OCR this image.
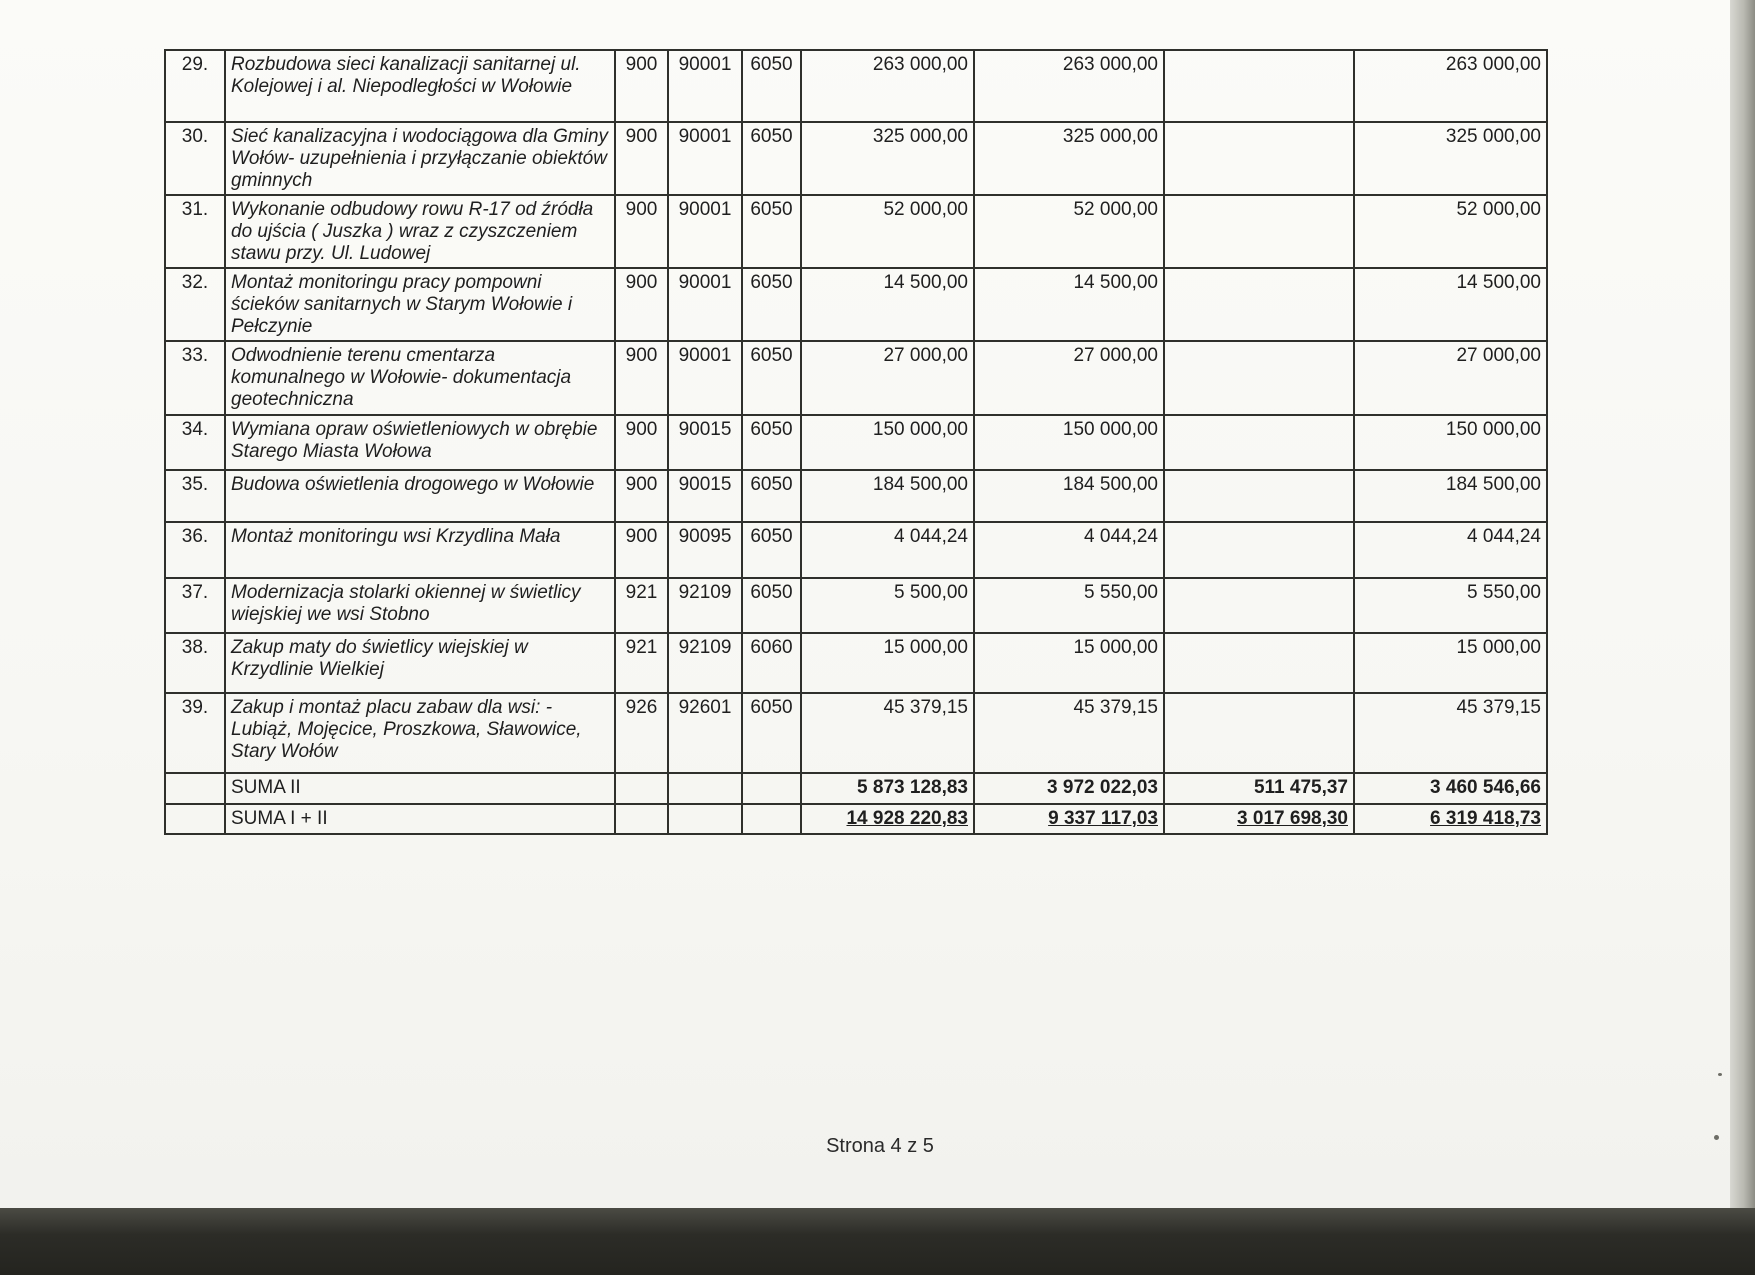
29.	Rozbudowa sieci kanalizacji sanitarnej ul. Kolejowej i al. Niepodległości w Wołowie	900	90001	6050	263 000,00	263 000,00		263 000,00
30.	Sieć kanalizacyjna i wodociągowa dla Gminy Wołów- uzupełnienia i przyłączanie obiektów gminnych	900	90001	6050	325 000,00	325 000,00		325 000,00
31.	Wykonanie odbudowy rowu R-17 od źródła do ujścia ( Juszka ) wraz z czyszczeniem stawu przy. Ul. Ludowej	900	90001	6050	52 000,00	52 000,00		52 000,00
32.	Montaż monitoringu pracy pompowni ścieków sanitarnych w Starym Wołowie i Pełczynie	900	90001	6050	14 500,00	14 500,00		14 500,00
33.	Odwodnienie terenu cmentarza komunalnego w Wołowie- dokumentacja geotechniczna	900	90001	6050	27 000,00	27 000,00		27 000,00
34.	Wymiana opraw oświetleniowych w obrębie Starego Miasta Wołowa	900	90015	6050	150 000,00	150 000,00		150 000,00
35.	Budowa oświetlenia drogowego w Wołowie	900	90015	6050	184 500,00	184 500,00		184 500,00
36.	Montaż monitoringu wsi Krzydlina Mała	900	90095	6050	4 044,24	4 044,24		4 044,24
37.	Modernizacja stolarki okiennej w świetlicy wiejskiej we wsi Stobno	921	92109	6050	5 500,00	5 550,00		5 550,00
38.	Zakup maty do świetlicy wiejskiej w Krzydlinie Wielkiej	921	92109	6060	15 000,00	15 000,00		15 000,00
39.	Zakup i montaż placu zabaw dla wsi: - Lubiąż, Mojęcice, Proszkowa, Sławowice, Stary Wołów	926	92601	6050	45 379,15	45 379,15		45 379,15
	SUMA II				5 873 128,83	3 972 022,03	511 475,37	3 460 546,66
	SUMA I + II				14 928 220,83	9 337 117,03	3 017 698,30	6 319 418,73
Strona 4 z 5
